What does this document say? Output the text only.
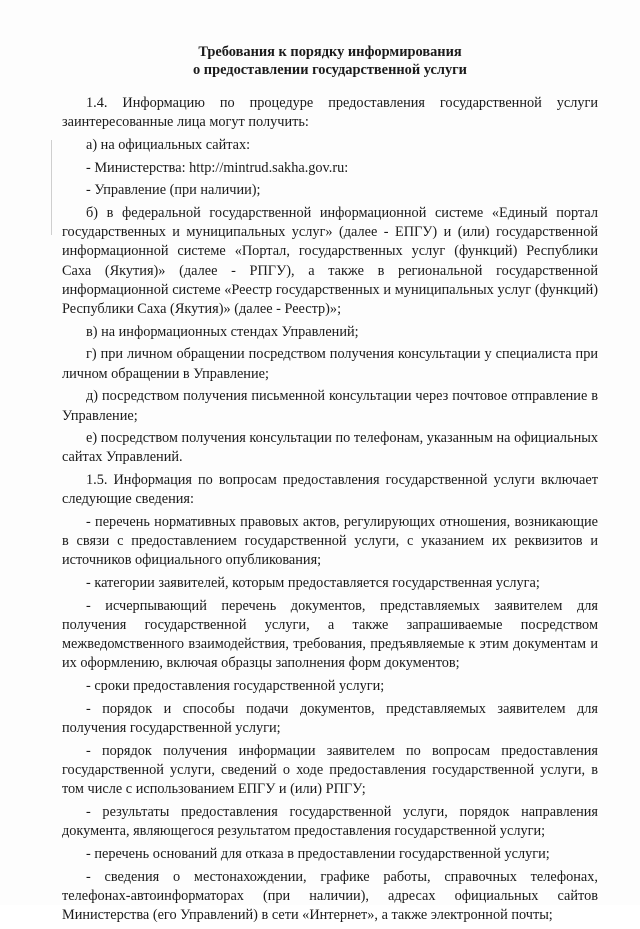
Требования к порядку информирования
о предоставлении государственной услуги

1.4. Информацию по процедуре предоставления государственной услуги заинтересованные лица могут получить:

а) на официальных сайтах:

- Министерства: http://mintrud.sakha.gov.ru:

- Управление (при наличии);

б) в федеральной государственной информационной системе «Единый портал государственных и муниципальных услуг» (далее - ЕПГУ) и (или) государственной информационной системе «Портал, государственных услуг (функций) Республики Саха (Якутия)» (далее - РПГУ), а также в региональной государственной информационной системе «Реестр государственных и муниципальных услуг (функций) Республики Саха (Якутия)» (далее - Реестр)»;

в) на информационных стендах Управлений;

г) при личном обращении посредством получения консультации у специалиста при личном обращении в Управление;

д) посредством получения письменной консультации через почтовое отправление в Управление;

е) посредством получения консультации по телефонам, указанным на официальных сайтах Управлений.

1.5. Информация по вопросам предоставления государственной услуги включает следующие сведения:

- перечень нормативных правовых актов, регулирующих отношения, возникающие в связи с предоставлением государственной услуги, с указанием их реквизитов и источников официального опубликования;

- категории заявителей, которым предоставляется государственная услуга;

- исчерпывающий перечень документов, представляемых заявителем для получения государственной услуги, а также запрашиваемые посредством межведомственного взаимодействия, требования, предъявляемые к этим документам и их оформлению, включая образцы заполнения форм документов;

- сроки предоставления государственной услуги;

- порядок и способы подачи документов, представляемых заявителем для получения государственной услуги;

- порядок получения информации заявителем по вопросам предоставления государственной услуги, сведений о ходе предоставления государственной услуги, в том числе с использованием ЕПГУ и (или) РПГУ;

- результаты предоставления государственной услуги, порядок направления документа, являющегося результатом предоставления государственной услуги;

- перечень оснований для отказа в предоставлении государственной услуги;

- сведения о местонахождении, графике работы, справочных телефонах, телефонах-автоинформаторах (при наличии), адресах официальных сайтов Министерства (его Управлений) в сети «Интернет», а также электронной почты;
